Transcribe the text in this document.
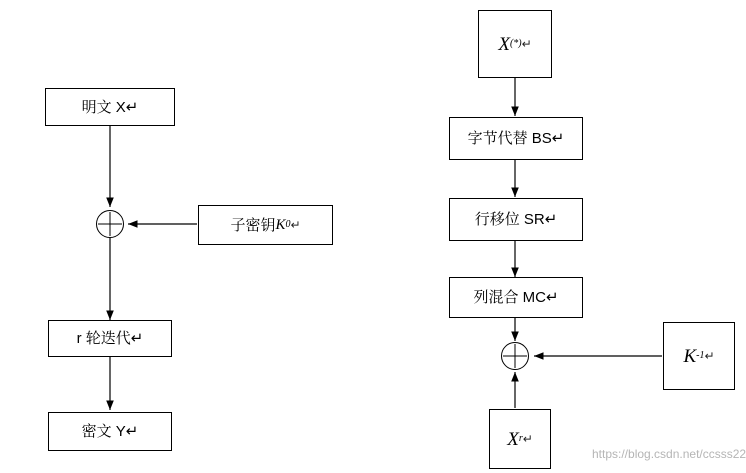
明文 X↵
子密钥 K 0 ↵
r 轮迭代↵
密文 Y↵
X (*) ↵
字节代替 BS↵
行移位 SR↵
列混合 MC↵
K -1 ↵
X r ↵
https://blog.csdn.net/ccsss22
